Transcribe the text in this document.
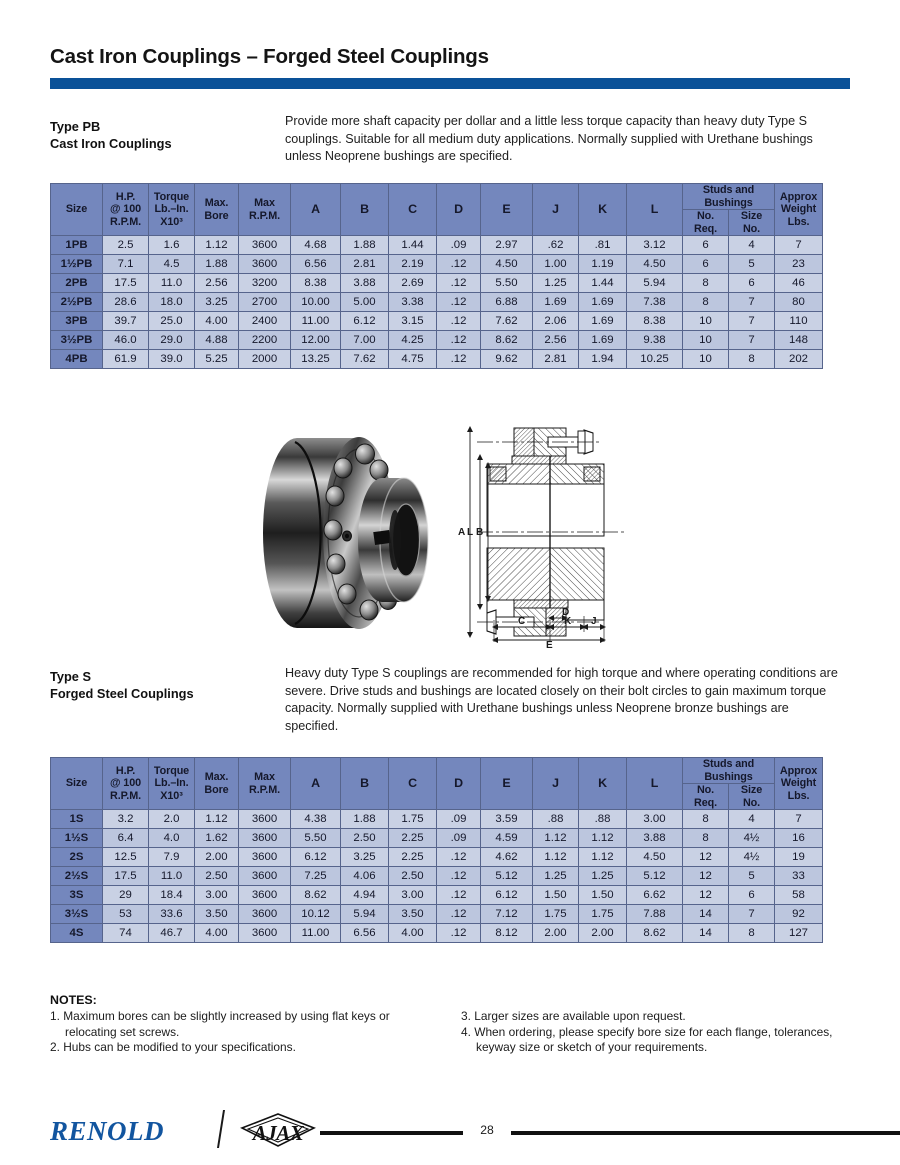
Cast Iron Couplings – Forged Steel Couplings
Type PB
Cast Iron Couplings
Provide more shaft capacity per dollar and a little less torque capacity than heavy duty Type S couplings. Suitable for all medium duty applications. Normally supplied with Urethane bushings unless Neoprene bushings are specified.
Size	
H.P.
@ 100
R.P.M.

Torque
Lb.–In.
X10³

Max.
Bore

Max
R.P.M.	A	B	C	D	E	J	K	L	
Studs and
Bushings	Approx
Weight
Lbs.

No.
Req.

Size
No.

1PB	2.5	1.6	1.12	3600	4.68	1.88	1.44	.09	2.97	.62	.81	3.12	6	4	7
1½PB	7.1	4.5	1.88	3600	6.56	2.81	2.19	.12	4.50	1.00	1.19	4.50	6	5	23
2PB	17.5	11.0	2.56	3200	8.38	3.88	2.69	.12	5.50	1.25	1.44	5.94	8	6	46
2½PB	28.6	18.0	3.25	2700	10.00	5.00	3.38	.12	6.88	1.69	1.69	7.38	8	7	80
3PB	39.7	25.0	4.00	2400	11.00	6.12	3.15	.12	7.62	2.06	1.69	8.38	10	7	110
3½PB	46.0	29.0	4.88	2200	12.00	7.00	4.25	.12	8.62	2.56	1.69	9.38	10	7	148
4PB	61.9	39.0	5.25	2000	13.25	7.62	4.75	.12	9.62	2.81	1.94	10.25	10	8	202
A L B
C
D
K J
E
Type S
Forged Steel Couplings
Heavy duty Type S couplings are recommended for high torque and where operating conditions are severe. Drive studs and bushings are located closely on their bolt circles to gain maximum torque capacity. Normally supplied with Urethane bushings unless Neoprene bronze bushings are specified.
Size	
H.P.
@ 100
R.P.M.

Torque
Lb.–In.
X10³

Max.
Bore

Max
R.P.M.	A	B	C	D	E	J	K	L	
Studs and
Bushings	Approx
Weight
Lbs.

No.
Req.

Size
No.

1S	3.2	2.0	1.12	3600	4.38	1.88	1.75	.09	3.59	.88	.88	3.00	8	4	7
1½S	6.4	4.0	1.62	3600	5.50	2.50	2.25	.09	4.59	1.12	1.12	3.88	8	4½	16
2S	12.5	7.9	2.00	3600	6.12	3.25	2.25	.12	4.62	1.12	1.12	4.50	12	4½	19
2½S	17.5	11.0	2.50	3600	7.25	4.06	2.50	.12	5.12	1.25	1.25	5.12	12	5	33
3S	29	18.4	3.00	3600	8.62	4.94	3.00	.12	6.12	1.50	1.50	6.62	12	6	58
3½S	53	33.6	3.50	3600	10.12	5.94	3.50	.12	7.12	1.75	1.75	7.88	14	7	92
4S	74	46.7	4.00	3600	11.00	6.56	4.00	.12	8.12	2.00	2.00	8.62	14	8	127
NOTES:
1. Maximum bores can be slightly increased by using flat keys or relocating set screws.
2. Hubs can be modified to your specifications.
3. Larger sizes are available upon request.
4. When ordering, please specify bore size for each flange, tolerances, keyway size or sketch of your requirements.
RENOLD	AJAX	28
